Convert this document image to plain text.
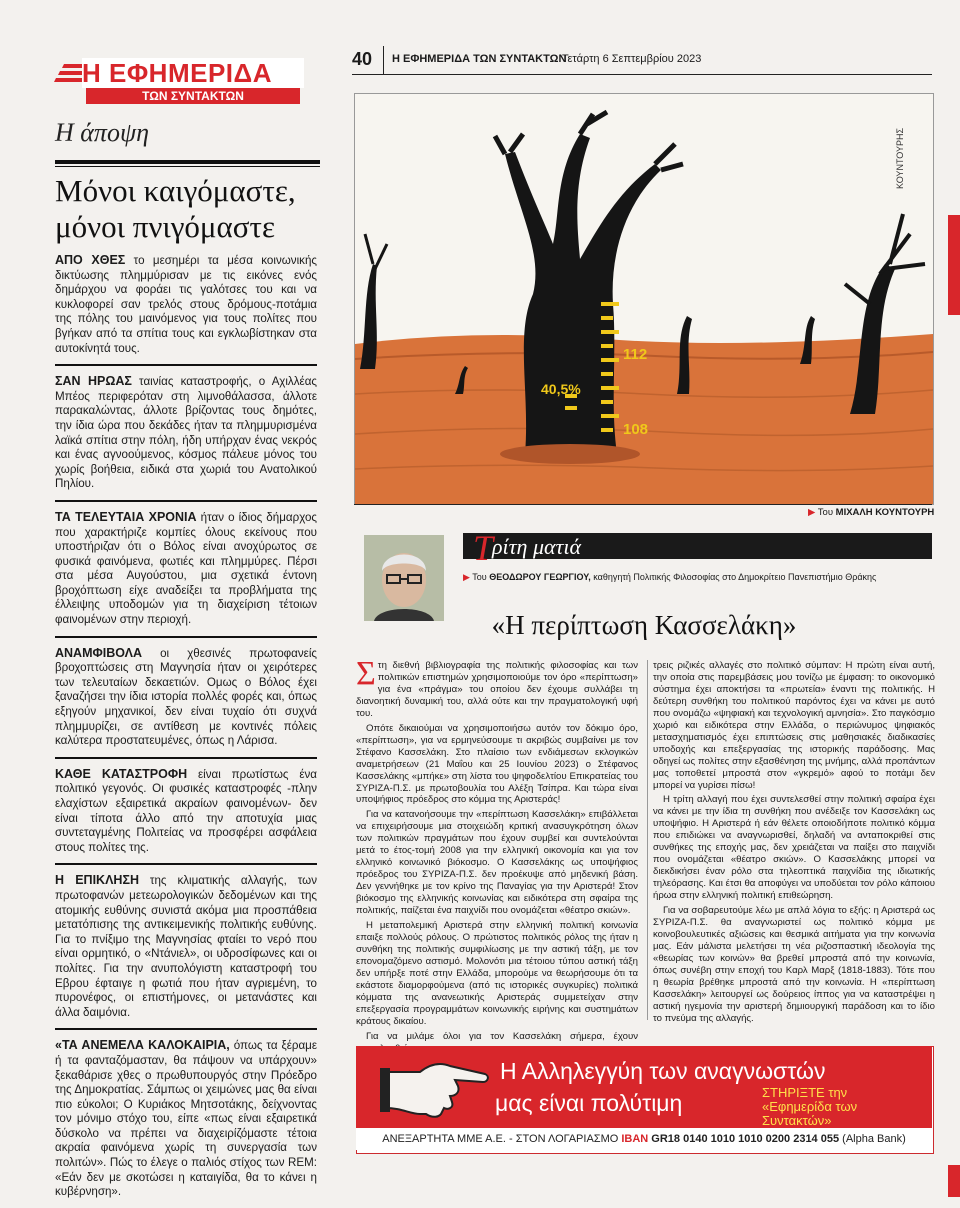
Η ΕΦΗΜΕΡΙΔΑ
ΤΩΝ ΣΥΝΤΑΚΤΩΝ
Η άποψη
Μόνοι καιγόμαστε, μόνοι πνιγόμαστε

ΑΠΟ ΧΘΕΣ το μεσημέρι τα μέσα κοινωνικής δικτύωσης πλημμύρισαν με τις εικόνες ενός δημάρχου να φοράει τις γαλότσες του και να κυκλοφορεί σαν τρελός στους δρόμους-ποτάμια της πόλης του μαινόμενος για τους πολίτες που βγήκαν από τα σπίτια τους και εγκλωβίστηκαν στα αυτοκίνητά τους.

ΣΑΝ ΗΡΩΑΣ ταινίας καταστροφής, ο Αχιλλέας Μπέος περιφερόταν στη λιμνοθάλασσα, άλλοτε παρακαλώντας, άλλοτε βρίζοντας τους δημότες, την ίδια ώρα που δεκάδες ήταν τα πλημμυρισμένα λαϊκά σπίτια στην πόλη, ήδη υπήρχαν ένας νεκρός και ένας αγνοούμενος, κόσμος πάλευε μόνος του χωρίς βοήθεια, ειδικά στα χωριά του Ανατολικού Πηλίου.

ΤΑ ΤΕΛΕΥΤΑΙΑ ΧΡΟΝΙΑ ήταν ο ίδιος δήμαρχος που χαρακτήριζε κομπίες όλους εκείνους που υποστήριζαν ότι ο Βόλος είναι ανοχύρωτος σε φυσικά φαινόμενα, φωτιές και πλημμύρες. Πέρσι στα μέσα Αυγούστου, μια σχετικά έντονη βροχόπτωση είχε αναδείξει τα προβλήματα της έλλειψης υποδομών για τη διαχείριση τέτοιων φαινομένων στην περιοχή.

ΑΝΑΜΦΙΒΟΛΑ οι χθεσινές πρωτοφανείς βροχοπτώσεις στη Μαγνησία ήταν οι χειρότερες των τελευταίων δεκαετιών. Ομως ο Βόλος έχει ξαναζήσει την ίδια ιστορία πολλές φορές και, όπως εξηγούν μηχανικοί, δεν είναι τυχαίο ότι συχνά πλημμυρίζει, σε αντίθεση με κοντινές πόλεις καλύτερα προστατευμένες, όπως η Λάρισα.

ΚΑΘΕ ΚΑΤΑΣΤΡΟΦΗ είναι πρωτίστως ένα πολιτικό γεγονός. Οι φυσικές καταστροφές -πλην ελαχίστων εξαιρετικά ακραίων φαινομένων- δεν είναι τίποτα άλλο από την αποτυχία μιας συντεταγμένης Πολιτείας να προσφέρει ασφάλεια στους πολίτες της.

Η ΕΠΙΚΛΗΣΗ της κλιματικής αλλαγής, των πρωτοφανών μετεωρολογικών δεδομένων και της ατομικής ευθύνης συνιστά ακόμα μια προσπάθεια μετατόπισης της αντικειμενικής πολιτικής ευθύνης. Για το πνίξιμο της Μαγνησίας φταίει το νερό που είναι ορμητικό, ο «Ντάνιελ», οι υδροσίφωνες και οι πολίτες. Για την ανυπολόγιστη καταστροφή του Εβρου έφταιγε η φωτιά που ήταν αγριεμένη, το πυρονέφος, οι επιστήμονες, οι μετανάστες και άλλα δαιμόνια.

«ΤΑ ΑΝΕΜΕΛΑ ΚΑΛΟΚΑΙΡΙΑ, όπως τα ξέραμε ή τα φανταζόμασταν, θα πάψουν να υπάρχουν» ξεκαθάρισε χθες ο πρωθυπουργός στην Πρόεδρο της Δημοκρατίας. Σάμπως οι χειμώνες μας θα είναι πιο εύκολοι; Ο Κυριάκος Μητσοτάκης, δείχνοντας τον μόνιμο στόχο του, είπε «πως είναι εξαιρετικά δύσκολο να πρέπει να διαχειρίζόμαστε τέτοια ακραία φαινόμενα χωρίς τη συνεργασία των πολιτών». Πώς το έλεγε ο παλιός στίχος των REM: «Εάν δεν με σκοτώσει η καταιγίδα, θα το κάνει η κυβέρνηση».

40 Η ΕΦΗΜΕΡΙΔΑ ΤΩΝ ΣΥΝΤΑΚΤΩΝ
Τετάρτη 6 Σεπτεμβρίου 2023
112
108
40,5%
ΚΟΥΝΤΟΥΡΗΣ
▶ Του ΜΙΧΑΛΗ ΚΟΥΝΤΟΥΡΗ
Τ
ρίτη ματιά
▶ Του ΘΕΟΔΩΡΟΥ ΓΕΩΡΓΙΟΥ, καθηγητή Πολιτικής Φιλοσοφίας στο Δημοκρίτειο Πανεπιστήμιο Θράκης
«Η περίπτωση Κασσελάκη»

Στη διεθνή βιβλιογραφία της πολιτικής φιλοσοφίας και των πολιτικών επιστημών χρησιμοποιούμε τον όρο «περίπτωση» για ένα «πράγμα» του οποίου δεν έχουμε συλλάβει τη διανοητική δυναμική του, αλλά ούτε και την πραγματολογική υφή του.

Οπότε δικαιούμαι να χρησιμοποιήσω αυτόν τον δόκιμο όρο, «περίπτωση», για να ερμηνεύσουμε τι ακριβώς συμβαίνει με τον Στέφανο Κασσελάκη. Στο πλαίσιο των ενδιάμεσων εκλογικών αναμετρήσεων (21 Μαΐου και 25 Ιουνίου 2023) ο Στέφανος Κασσελάκης «μπήκε» στη λίστα του ψηφοδελτίου Επικρατείας του ΣΥΡΙΖΑ-Π.Σ. με πρωτοβουλία του Αλέξη Τσίπρα. Και τώρα είναι υποψήφιος πρόεδρος στο κόμμα της Αριστεράς!

Για να κατανοήσουμε την «περίπτωση Κασσελάκη» επιβάλλεται να επιχειρήσουμε μια στοιχειώδη κριτική ανασυγκρότηση όλων των πολιτικών πραγμάτων που έχουν συμβεί και συντελούνται μετά το έτος-τομή 2008 για την ελληνική οικονομία και για τον ελληνικό κοινωνικό βιόκοσμο. Ο Κασσελάκης ως υποψήφιος πρόεδρος του ΣΥΡΙΖΑ-Π.Σ. δεν προέκυψε από μηδενική βάση. Δεν γεννήθηκε με τον κρίνο της Παναγίας για την Αριστερά! Στον βιόκοσμο της ελληνικής κοινωνίας και ειδικότερα στη σφαίρα της πολιτικής, παίζεται ένα παιχνίδι που ονομάζεται «θέατρο σκιών».

Η μεταπολεμική Αριστερά στην ελληνική πολιτική κοινωνία επαιξε πολλούς ρόλους. Ο πρώτιστος πολιτικός ρόλος της ήταν η συνθήκη της πολιτικής συμφιλίωσης με την αστική τάξη, με τον επονομαζόμενο αστισμό. Μολονότι μια τέτοιου τύπου αστική τάξη δεν υπήρξε ποτέ στην Ελλάδα, μπορούμε να θεωρήσουμε ότι τα εκάστοτε διαμορφούμενα (από τις ιστορικές συγκυρίες) πολιτικά κόμματα της ανανεωτικής Αριστεράς συμμετείχαν στην επεξεργασία προγραμμάτων κοινωνικής ειρήνης και συστημάτων κράτους δικαίου.

Για να μιλάμε όλοι για τον Κασσελάκη σήμερα, έχουν

τρεις ριζικές αλλαγές στο πολιτικό σύμπαν: Η πρώτη είναι αυτή, την οποία στις παρεμβάσεις μου τονίζω με έμφαση: το οικονομικό σύστημα έχει αποκτήσει τα «πρωτεία» έναντι της πολιτικής. Η δεύτερη συνθήκη του πολιτικού παρόντος έχει να κάνει με αυτό που ονομάζω «ψηφιακή και τεχνολογική αμνησία». Στο παγκόσμιο χωριό και ειδικότερα στην Ελλάδα, ο περιώνυμος ψηφιακός μετασχηματισμός έχει επιπτώσεις στις μαθησιακές διαδικασίες υποδοχής και επεξεργασίας της ιστορικής παράδοσης. Μας οδηγεί ως πολίτες στην εξασθένηση της μνήμης, αλλά προπάντων μας τοποθετεί μπροστά στον «γκρεμό» αφού το ποτάμι δεν μπορεί να γυρίσει πίσω!

Η τρίτη αλλαγή που έχει συντελεσθεί στην πολιτική σφαίρα έχει να κάνει με την ίδια τη συνθήκη που ανέδειξε τον Κασσελάκη ως υποψήφιο. Η Αριστερά ή εάν θέλετε οποιοδήποτε πολιτικό κόμμα που επιδιώκει να αναγνωρισθεί, δηλαδή να ανταποκριθεί στις συνθήκες της εποχής μας, δεν χρειάζεται να παίξει στο παιχνίδι που ονομάζεται «θέατρο σκιών». Ο Κασσελάκης μπορεί να διεκδικήσει έναν ρόλο στα τηλεοπτικά παιχνίδια της ιδιωτικής τηλεόρασης. Και έτσι θα αποφύγει να υποδύεται τον ρόλο κάποιου ήρωα στην ελληνική πολιτική επιθεώρηση.

Για να σοβαρευτούμε λέω με απλά λόγια το εξής: η Αριστερά ως ΣΥΡΙΖΑ-Π.Σ. θα αναγνωριστεί ως πολιτικό κόμμα με κοινοβουλευτικές αξιώσεις και θεσμικά αιτήματα για την κοινωνία μας. Εάν μάλιστα μελετήσει τη νέα ριζοσπαστική ιδεολογία της «θεωρίας των κοινών» θα βρεθεί μπροστά από την κοινωνία, όπως συνέβη στην εποχή του Καρλ Μαρξ (1818-1883). Τότε που η θεωρία βρέθηκε μπροστά από την κοινωνία. Η «περίπτωση Κασσελάκη» λειτουργεί ως δούρειος ίππος για να καταστρέψει η αστική ηγεμονία την αριστερή δημιουργική παράδοση και το ίδιο το πνεύμα της αλλαγής.

Η Αλληλεγγύη των αναγνωστών
μας είναι πολύτιμη	ΣΤΗΡΙΞΤΕ την «Εφημερίδα των Συντακτών»
ΑΝΕΞΑΡΤΗΤΑ ΜΜΕ Α.Ε. - ΣΤΟΝ ΛΟΓΑΡΙΑΣΜΟ IBAN GR18 0140 1010 1010 0200 2314 055 (Alpha Bank)
